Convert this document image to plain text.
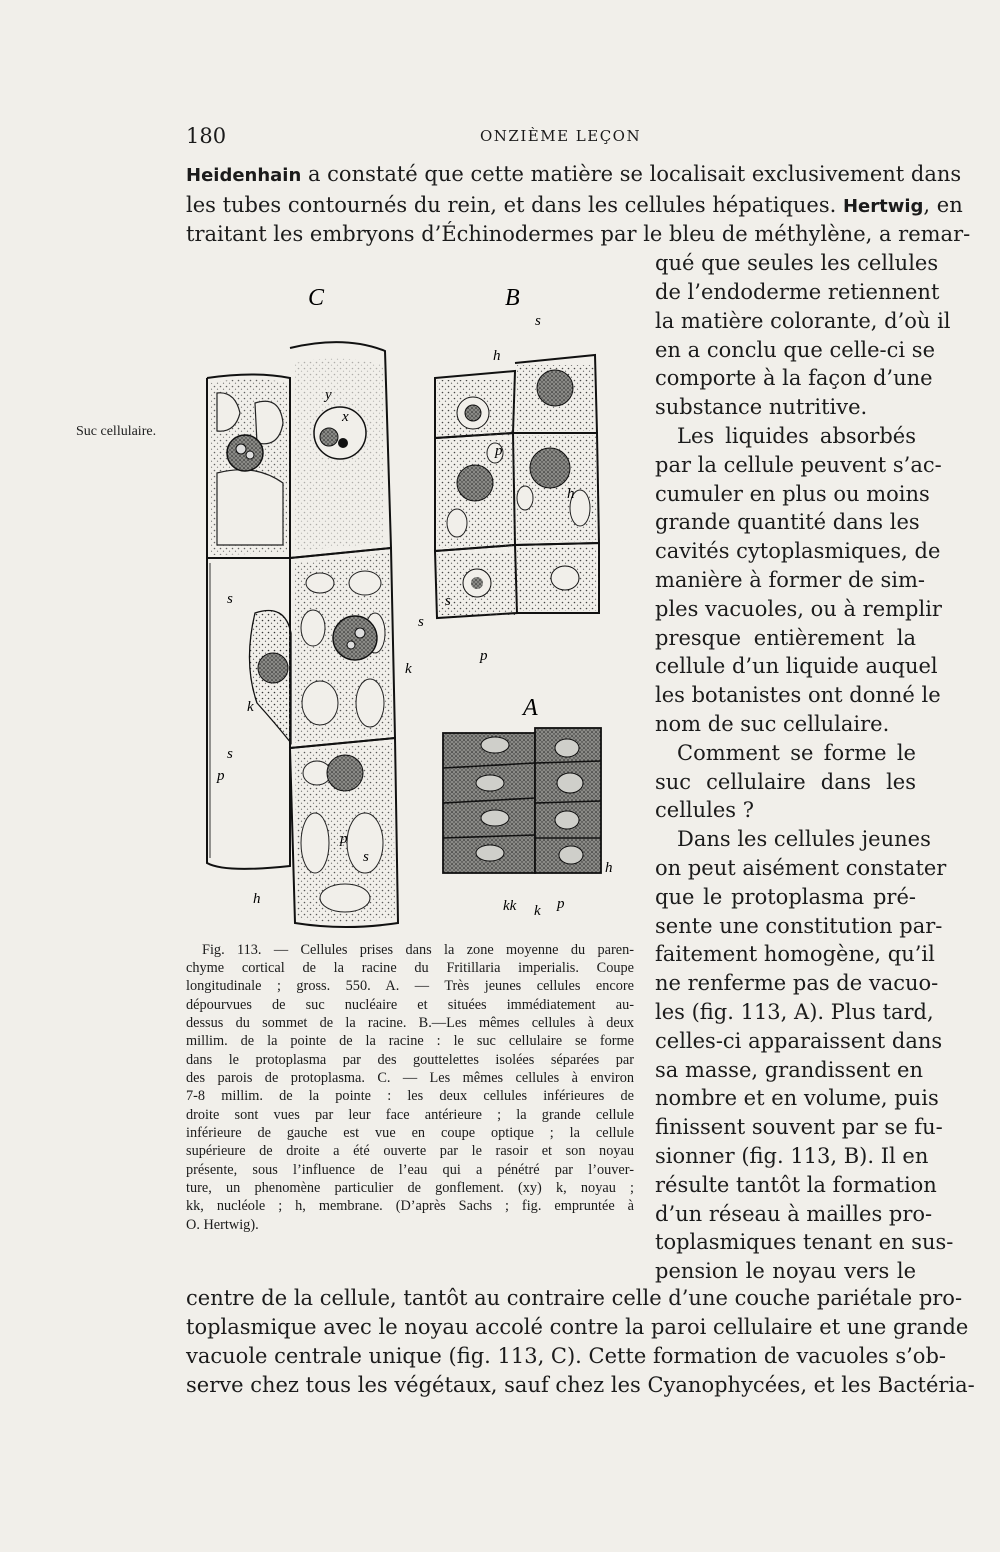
180	ONZIÈME LEÇON
Suc cellulaire.
Heidenhain a constaté que cette matière se localisait exclusivement dans
les tubes contournés du rein, et dans les cellules hépatiques. Hertwig, en
traitant les embryons d’Échinodermes par le bleu de méthylène, a remar-
qué que seules les cellules
de l’endoderme retiennent
la matière colorante, d’où il
en a conclu que celle-ci se
comporte à la façon d’une
substance nutritive.
Les liquides absorbés
par la cellule peuvent s’ac-
cumuler en plus ou moins
grande quantité dans les
cavités cytoplasmiques, de
manière à former de sim-
ples vacuoles, ou à remplir
presque entièrement la
cellule d’un liquide auquel
les botanistes ont donné le
nom de suc cellulaire.
Comment se forme le
suc cellulaire dans les
cellules ?
Dans les cellules jeunes
on peut aisément constater
que le protoplasma pré-
sente une constitution par-
faitement homogène, qu’il
ne renferme pas de vacuo-
les (fig. 113, A). Plus tard,
celles-ci apparaissent dans
sa masse, grandissent en
nombre et en volume, puis
finissent souvent par se fu-
sionner (fig. 113, B). Il en
résulte tantôt la formation
d’un réseau à mailles pro-
toplasmiques tenant en sus-
pension le noyau vers le
C	B
A
y
x
s
s
p
h
k
k
s
p
s
h
p
h
s
s
p
kk k p
h
Fig. 113. — Cellules prises dans la zone moyenne du paren-
chyme cortical de la racine du Fritillaria imperialis. Coupe
longitudinale ; gross. 550. A. — Très jeunes cellules encore
dépourvues de suc nucléaire et situées immédiatement au-
dessus du sommet de la racine. B.—Les mêmes cellules à deux
millim. de la pointe de la racine : le suc cellulaire se forme
dans le protoplasma par des gouttelettes isolées séparées par
des parois de protoplasma. C. — Les mêmes cellules à environ
7-8 millim. de la pointe : les deux cellules inférieures de
droite sont vues par leur face antérieure ; la grande cellule
inférieure de gauche est vue en coupe optique ; la cellule
supérieure de droite a été ouverte par le rasoir et son noyau
présente, sous l’influence de l’eau qui a pénétré par l’ouver-
ture, un phenomène particulier de gonflement. (xy) k, noyau ;
kk, nucléole ; h, membrane. (D’après Sachs ; fig. empruntée à
O. Hertwig).
centre de la cellule, tantôt au contraire celle d’une couche pariétale pro-
toplasmique avec le noyau accolé contre la paroi cellulaire et une grande
vacuole centrale unique (fig. 113, C). Cette formation de vacuoles s’ob-
serve chez tous les végétaux, sauf chez les Cyanophycées, et les Bactéria-
